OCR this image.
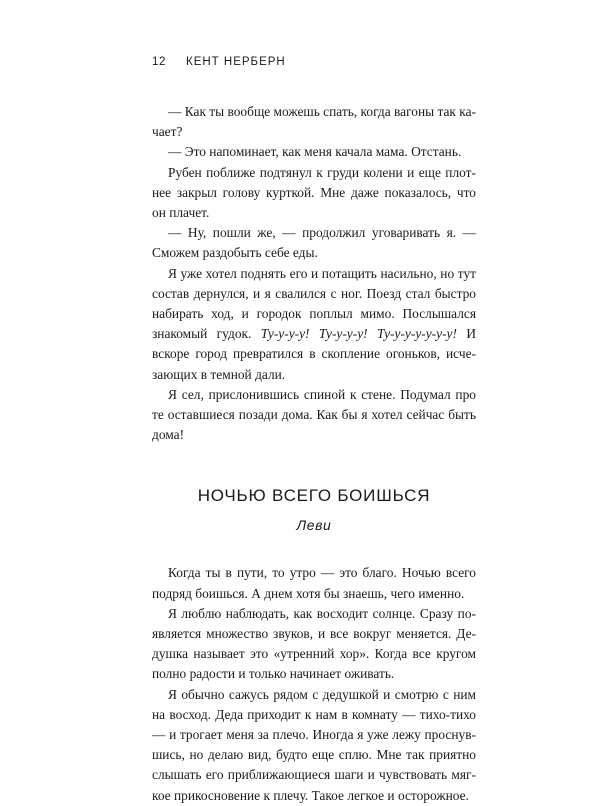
12	КЕНТ НЕРБЕРН

— Как ты вообще можешь спать, когда вагоны так качает?

— Это напоминает, как меня качала мама. Отстань.

Рубен поближе подтянул к груди колени и еще плотнее закрыл голову курткой. Мне даже показалось, что он плачет.

— Ну, пошли же, — продолжил уговаривать я. — Сможем раздобыть себе еды.

Я уже хотел поднять его и потащить насильно, но тут состав дернулся, и я свалился с ног. Поезд стал быстро набирать ход, и городок поплыл мимо. Послышался знакомый гудок. Ту-у-у-у! Ту-у-у-у! Ту-у-у-у-у-у-у! И вскоре город превратился в скопление огоньков, исчезающих в темной дали.

Я сел, прислонившись спиной к стене. Подумал про те оставшиеся позади дома. Как бы я хотел сейчас быть дома!

НОЧЬЮ ВСЕГО БОИШЬСЯ
Леви

Когда ты в пути, то утро — это благо. Ночью всего подряд боишься. А днем хотя бы знаешь, чего именно.

Я люблю наблюдать, как восходит солнце. Сразу появляется множество звуков, и все вокруг меняется. Дедушка называет это «утренний хор». Когда все кругом полно радости и только начинает оживать.

Я обычно сажусь рядом с дедушкой и смотрю с ним на восход. Деда приходит к нам в комнату — тихо-тихо — и трогает меня за плечо. Иногда я уже лежу проснувшись, но делаю вид, будто еще сплю. Мне так приятно слышать его приближающиеся шаги и чувствовать мягкое прикосновение к плечу. Такое легкое и осторожное.
